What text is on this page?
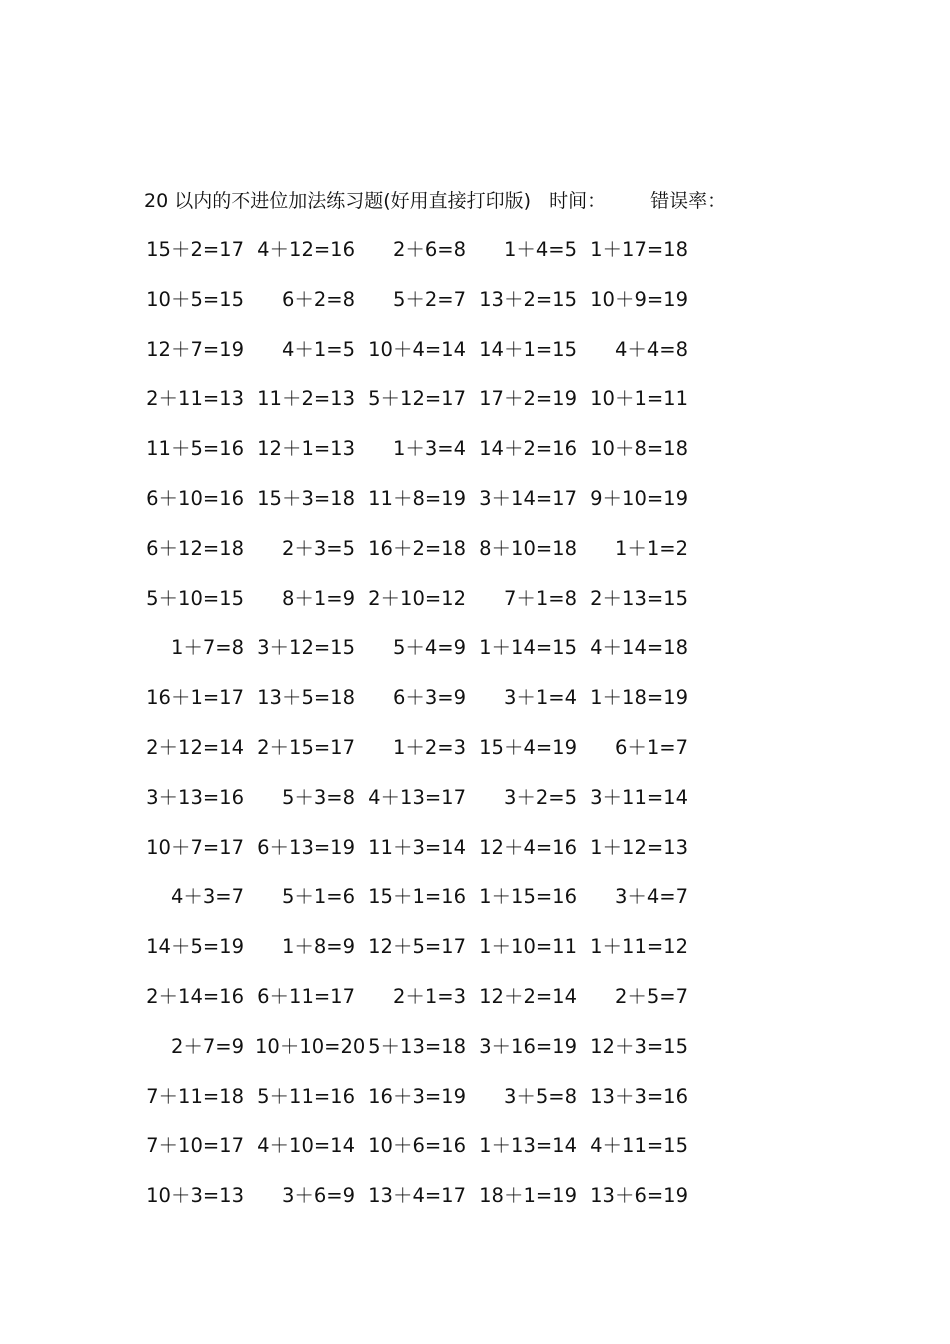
20 以内的不进位加法练习题(好用直接打印版) 时间： 错误率：
15＋2=17 4＋12=16	2＋6=8	1＋4=5 1＋17=18
10＋5=15	6＋2=8	5＋2=7 13＋2=15 10＋9=19
12＋7=19	4＋1=5 10＋4=14 14＋1=15	4＋4=8
2＋11=13 11＋2=13 5＋12=17 17＋2=19 10＋1=11
11＋5=16 12＋1=13	1＋3=4 14＋2=16 10＋8=18
6＋10=16 15＋3=18 11＋8=19 3＋14=17 9＋10=19
6＋12=18	2＋3=5 16＋2=18 8＋10=18	1＋1=2
5＋10=15	8＋1=9 2＋10=12	7＋1=8 2＋13=15
1＋7=8 3＋12=15	5＋4=9 1＋14=15 4＋14=18
16＋1=17 13＋5=18	6＋3=9	3＋1=4 1＋18=19
2＋12=14 2＋15=17	1＋2=3 15＋4=19	6＋1=7
3＋13=16	5＋3=8 4＋13=17	3＋2=5 3＋11=14
10＋7=17 6＋13=19 11＋3=14 12＋4=16 1＋12=13
4＋3=7	5＋1=6 15＋1=16 1＋15=16	3＋4=7
14＋5=19	1＋8=9 12＋5=17 1＋10=11 1＋11=12
2＋14=16 6＋11=17	2＋1=3 12＋2=14	2＋5=7
2＋7=9 10＋10=20 5＋13=18 3＋16=19 12＋3=15
7＋11=18 5＋11=16 16＋3=19	3＋5=8 13＋3=16
7＋10=17 4＋10=14 10＋6=16 1＋13=14 4＋11=15
10＋3=13	3＋6=9 13＋4=17 18＋1=19 13＋6=19
